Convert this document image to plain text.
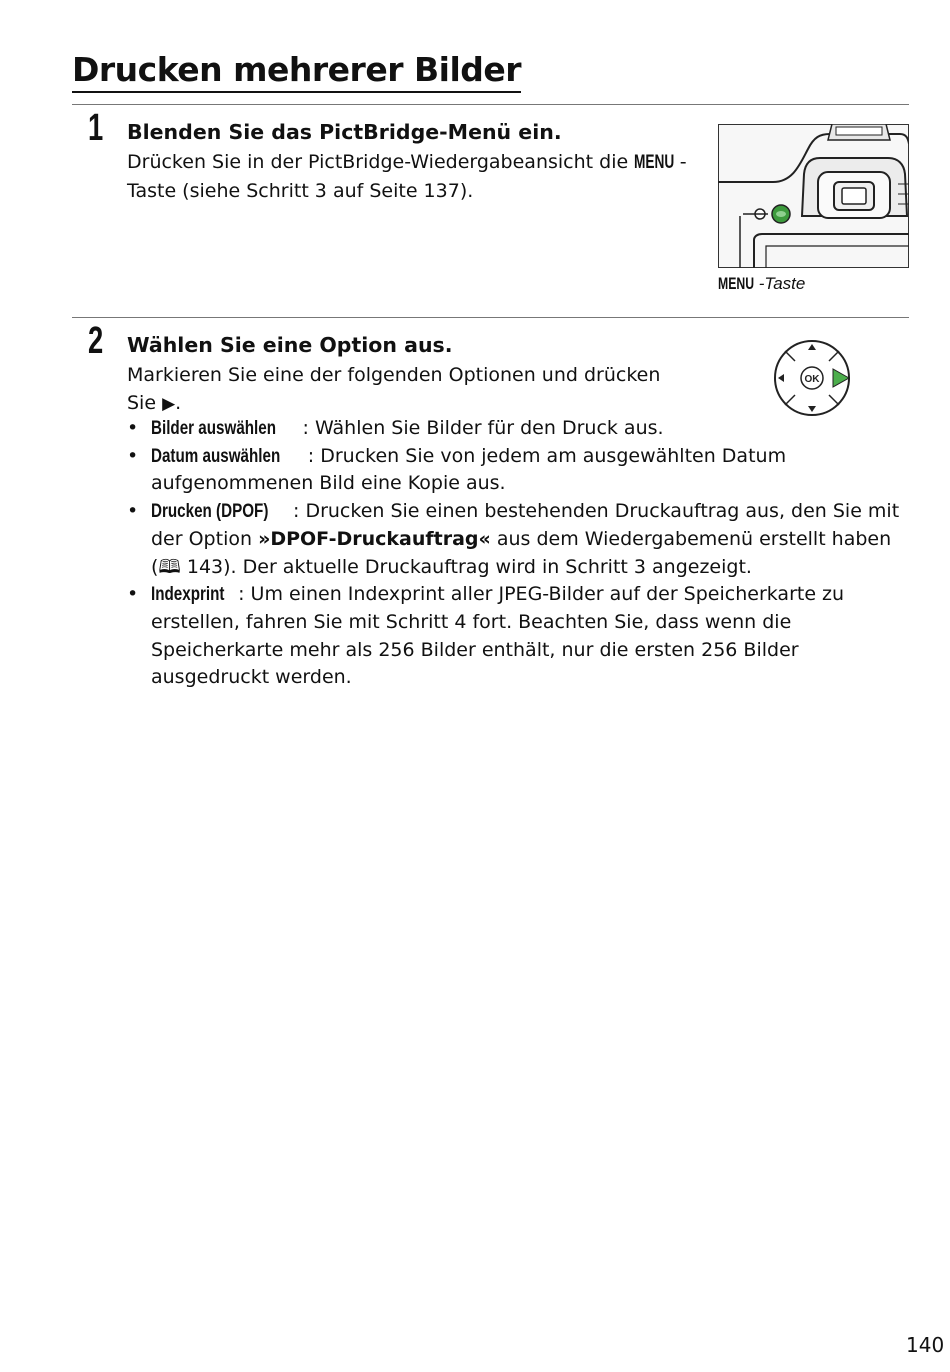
Drucken mehrerer Bilder
1 Blenden Sie das PictBridge-Menü ein.

Drücken Sie in der PictBridge-Wiedergabeansicht die MENU -Taste (siehe Schritt 3 auf Seite 137).

MENU -Taste
2 Wählen Sie eine Option aus.

Markieren Sie eine der folgenden Optionen und drücken
Sie ▶.

OK
• Bilder auswählen : Wählen Sie Bilder für den Druck aus.
• Datum auswählen : Drucken Sie von jedem am ausgewählten Datum aufgenommenen Bild eine Kopie aus.
• Drucken (DPOF) : Drucken Sie einen bestehenden Druckauftrag aus, den Sie mit der Option »DPOF-Druckauftrag« aus dem Wiedergabemenü erstellt haben (🕮 143). Der aktuelle Druckauftrag wird in Schritt 3 angezeigt.
• Indexprint : Um einen Indexprint aller JPEG-Bilder auf der Speicherkarte zu erstellen, fahren Sie mit Schritt 4 fort. Beachten Sie, dass wenn die Speicherkarte mehr als 256 Bilder enthält, nur die ersten 256 Bilder ausgedruckt werden.
140
